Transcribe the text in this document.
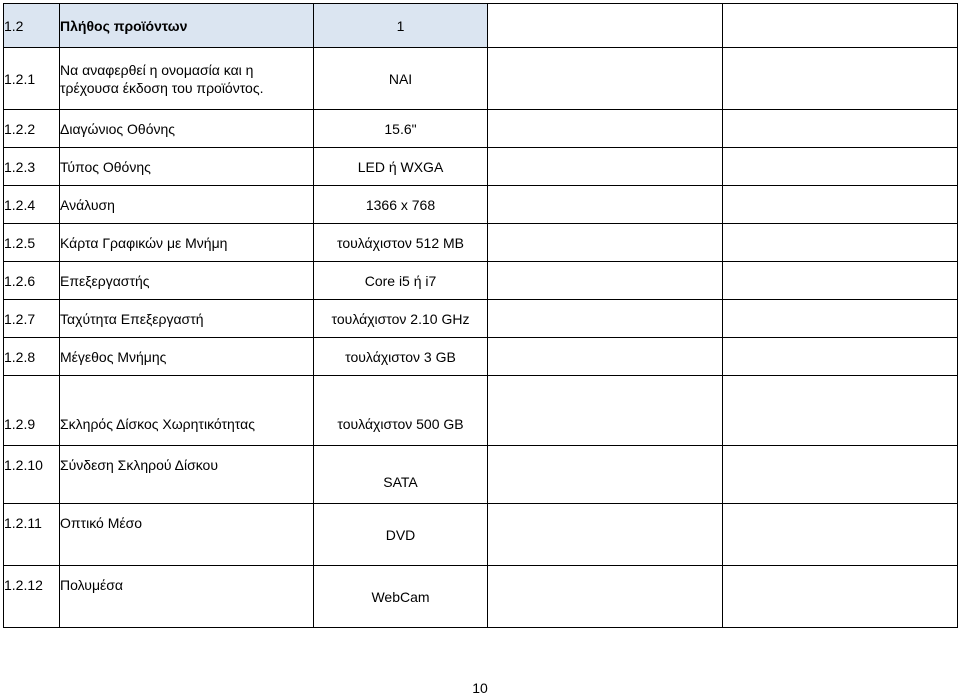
1.2	Πλήθος προϊόντων	1		
1.2.1	Να αναφερθεί η ονομασία και η τρέχουσα έκδοση του προϊόντος.	ΝΑΙ		
1.2.2	Διαγώνιος Οθόνης	15.6"		
1.2.3	Τύπος Οθόνης	LED ή WXGA		
1.2.4	Ανάλυση	1366 x 768		
1.2.5	Κάρτα Γραφικών με Μνήμη	τουλάχιστον 512 MB		
1.2.6	Επεξεργαστής	Core i5 ή i7		
1.2.7	Ταχύτητα Επεξεργαστή	τουλάχιστον 2.10 GHz		
1.2.8	Μέγεθος Μνήμης	τουλάχιστον 3 GB		
1.2.9	Σκληρός Δίσκος Χωρητικότητας	τουλάχιστον 500 GB		
1.2.10	Σύνδεση Σκληρού Δίσκου	SATA		
1.2.11	Οπτικό Μέσο	DVD		
1.2.12	Πολυμέσα	WebCam		
10
